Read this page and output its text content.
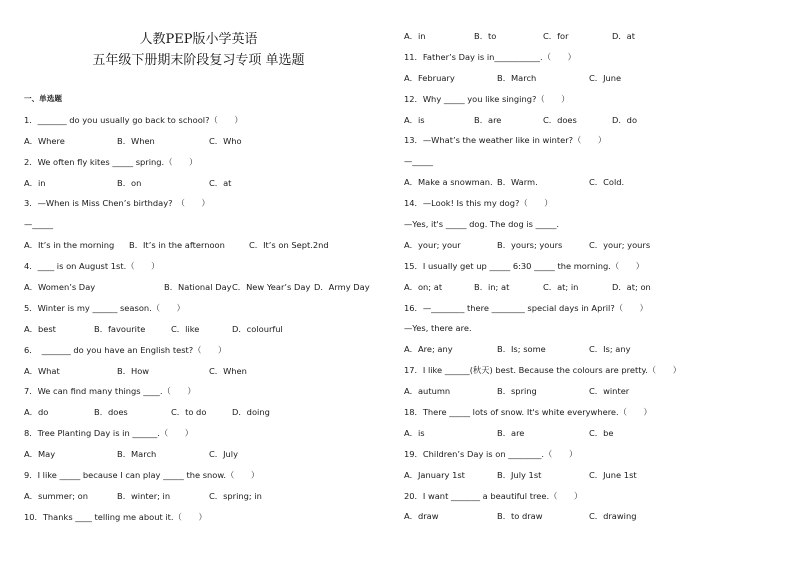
人教PEP版小学英语
五年级下册期末阶段复习专项 单选题
一、单选题
1．_______ do you usually go back to school?（　　）
A．Where	B．When	C．Who
2．We often fly kites _____ spring.（　　）
A．in	B．on	C．at
3．—When is Miss Chen’s birthday?　（　　）
—_____
A．It’s in the morning B．It’s in the afternoon	C．It’s on Sept.2nd
4．____ is on August 1st.（　　）
A．Women’s Day	B．National Day C．New Year’s Day D．Army Day
5．Winter is my ______ season.（　　）
A．best	B．favourite	C．like	D．colourful
6．　_______ do you have an English test?（　　）
A．What	B．How	C．When
7．We can find many things ____.（　　）
A．do	B．does	C．to do	D．doing
8．Tree Planting Day is in ______.（　　）
A．May	B．March	C．July
9．I like _____ because I can play _____ the snow.（　　）
A．summer; on	B．winter; in	C．spring; in
10．Thanks ____ telling me about it.（　　）
A．in	B．to	C．for	D．at
11．Father’s Day is in___________.（　　）
A．February	B．March	C．June
12．Why _____ you like singing?（　　）
A．is	B．are	C．does	D．do
13．—What’s the weather like in winter?（　　）
—_____
A．Make a snowman. B．Warm.	C．Cold.
14．—Look! Is this my dog?（　　）
—Yes, it's _____ dog. The dog is _____.
A．your; your	B．yours; yours	C．your; yours
15．I usually get up _____ 6:30 _____ the morning.（　　）
A．on; at	B．in; at	C．at; in	D．at; on
16．—________ there ________ special days in April?（　　）
—Yes, there are.
A．Are; any	B．Is; some	C．Is; any
17．I like ______(秋天) best. Because the colours are pretty.（　　）
A．autumn	B．spring	C．winter
18．There _____ lots of snow. It's white everywhere.（　　）
A．is	B．are	C．be
19．Children’s Day is on ________.（　　）
A．January 1st	B．July 1st	C．June 1st
20．I want _______ a beautiful tree.（　　）
A．draw	B．to draw	C．drawing
